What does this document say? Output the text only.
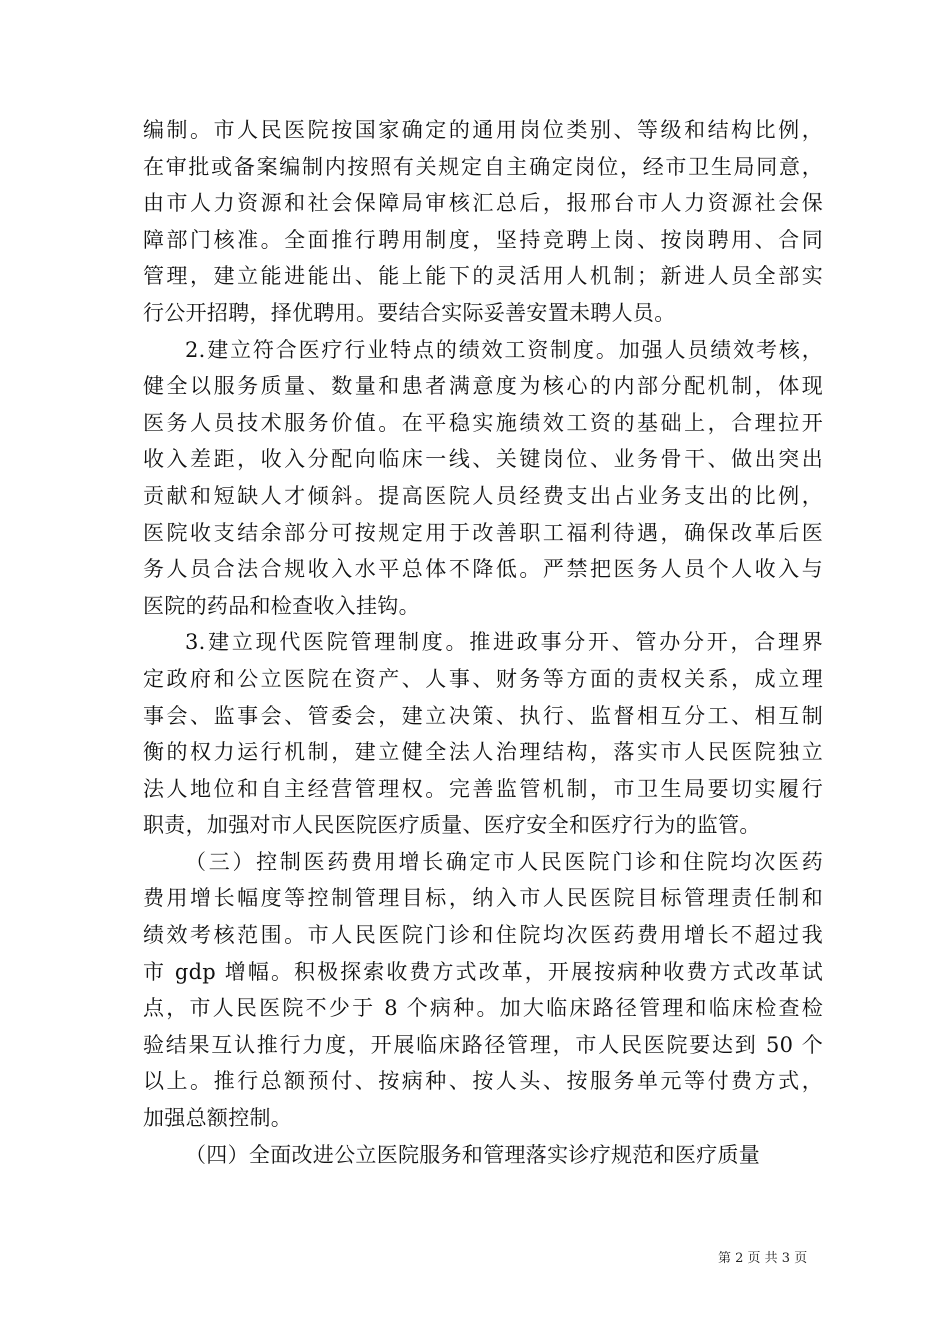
编制。市人民医院按国家确定的通用岗位类别、等级和结构比例，
在审批或备案编制内按照有关规定自主确定岗位，经市卫生局同意，
由市人力资源和社会保障局审核汇总后，报邢台市人力资源社会保
障部门核准。全面推行聘用制度，坚持竞聘上岗、按岗聘用、合同
管理，建立能进能出、能上能下的灵活用人机制；新进人员全部实
行公开招聘，择优聘用。要结合实际妥善安置未聘人员。
2.建立符合医疗行业特点的绩效工资制度。加强人员绩效考核，
健全以服务质量、数量和患者满意度为核心的内部分配机制，体现
医务人员技术服务价值。在平稳实施绩效工资的基础上，合理拉开
收入差距，收入分配向临床一线、关键岗位、业务骨干、做出突出
贡献和短缺人才倾斜。提高医院人员经费支出占业务支出的比例，
医院收支结余部分可按规定用于改善职工福利待遇，确保改革后医
务人员合法合规收入水平总体不降低。严禁把医务人员个人收入与
医院的药品和检查收入挂钩。
3.建立现代医院管理制度。推进政事分开、管办分开，合理界
定政府和公立医院在资产、人事、财务等方面的责权关系，成立理
事会、监事会、管委会，建立决策、执行、监督相互分工、相互制
衡的权力运行机制，建立健全法人治理结构，落实市人民医院独立
法人地位和自主经营管理权。完善监管机制，市卫生局要切实履行
职责，加强对市人民医院医疗质量、医疗安全和医疗行为的监管。
（三）控制医药费用增长确定市人民医院门诊和住院均次医药
费用增长幅度等控制管理目标，纳入市人民医院目标管理责任制和
绩效考核范围。市人民医院门诊和住院均次医药费用增长不超过我
市 gdp 增幅。积极探索收费方式改革，开展按病种收费方式改革试
点，市人民医院不少于 8 个病种。加大临床路径管理和临床检查检
验结果互认推行力度，开展临床路径管理，市人民医院要达到 50 个
以上。推行总额预付、按病种、按人头、按服务单元等付费方式，
加强总额控制。
（四）全面改进公立医院服务和管理落实诊疗规范和医疗质量
第 2 页 共 3 页
